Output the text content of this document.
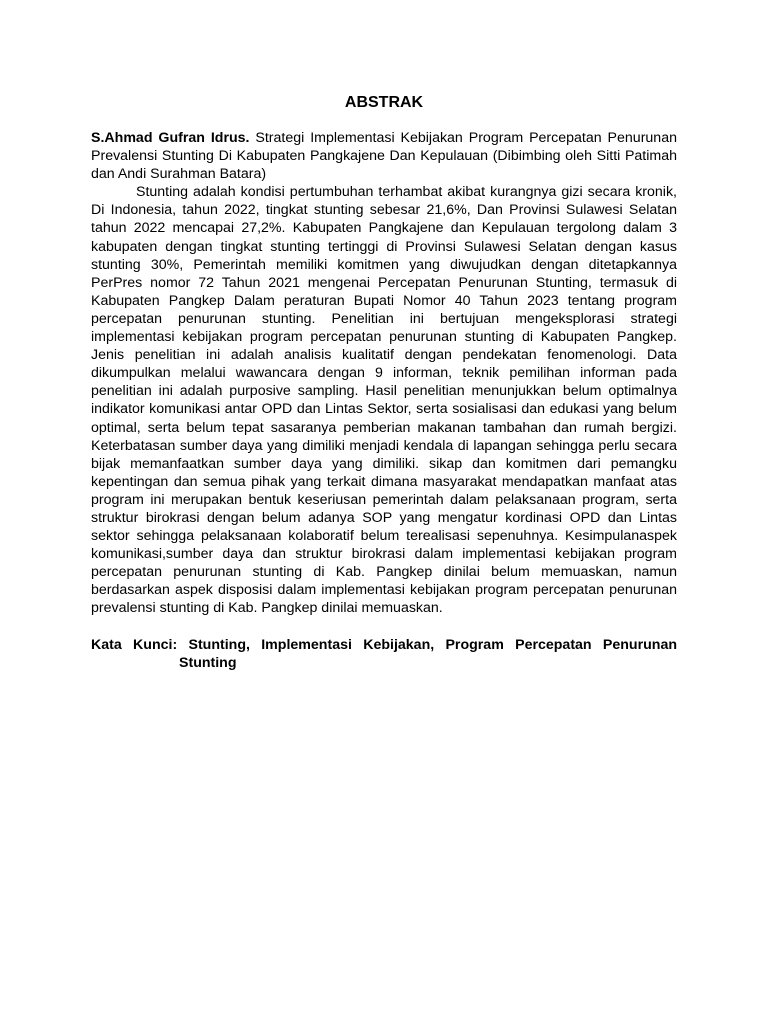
ABSTRAK

S.Ahmad Gufran Idrus. Strategi Implementasi Kebijakan Program Percepatan Penurunan Prevalensi Stunting Di Kabupaten Pangkajene Dan Kepulauan (Dibimbing oleh Sitti Patimah dan Andi Surahman Batara)

Stunting adalah kondisi pertumbuhan terhambat akibat kurangnya gizi secara kronik, Di Indonesia, tahun 2022, tingkat stunting sebesar 21,6%, Dan Provinsi Sulawesi Selatan tahun 2022 mencapai 27,2%. Kabupaten Pangkajene dan Kepulauan tergolong dalam 3 kabupaten dengan tingkat stunting tertinggi di Provinsi Sulawesi Selatan dengan kasus stunting 30%, Pemerintah memiliki komitmen yang diwujudkan dengan ditetapkannya PerPres nomor 72 Tahun 2021 mengenai Percepatan Penurunan Stunting, termasuk di Kabupaten Pangkep Dalam peraturan Bupati Nomor 40 Tahun 2023 tentang program percepatan penurunan stunting. Penelitian ini bertujuan mengeksplorasi strategi implementasi kebijakan program percepatan penurunan stunting di Kabupaten Pangkep. Jenis penelitian ini adalah analisis kualitatif dengan pendekatan fenomenologi. Data dikumpulkan melalui wawancara dengan 9 informan, teknik pemilihan informan pada penelitian ini adalah purposive sampling. Hasil penelitian menunjukkan belum optimalnya indikator komunikasi antar OPD dan Lintas Sektor, serta sosialisasi dan edukasi yang belum optimal, serta belum tepat sasaranya pemberian makanan tambahan dan rumah bergizi. Keterbatasan sumber daya yang dimiliki menjadi kendala di lapangan sehingga perlu secara bijak memanfaatkan sumber daya yang dimiliki. sikap dan komitmen dari pemangku kepentingan dan semua pihak yang terkait dimana masyarakat mendapatkan manfaat atas program ini merupakan bentuk keseriusan pemerintah dalam pelaksanaan program, serta struktur birokrasi dengan belum adanya SOP yang mengatur kordinasi OPD dan Lintas sektor sehingga pelaksanaan kolaboratif belum terealisasi sepenuhnya. Kesimpulanaspek komunikasi,sumber daya dan struktur birokrasi dalam implementasi kebijakan program percepatan penurunan stunting di Kab. Pangkep dinilai belum memuaskan, namun berdasarkan aspek disposisi dalam implementasi kebijakan program percepatan penurunan prevalensi stunting di Kab. Pangkep dinilai memuaskan.

Kata Kunci: Stunting, Implementasi Kebijakan, Program Percepatan Penurunan Stunting
